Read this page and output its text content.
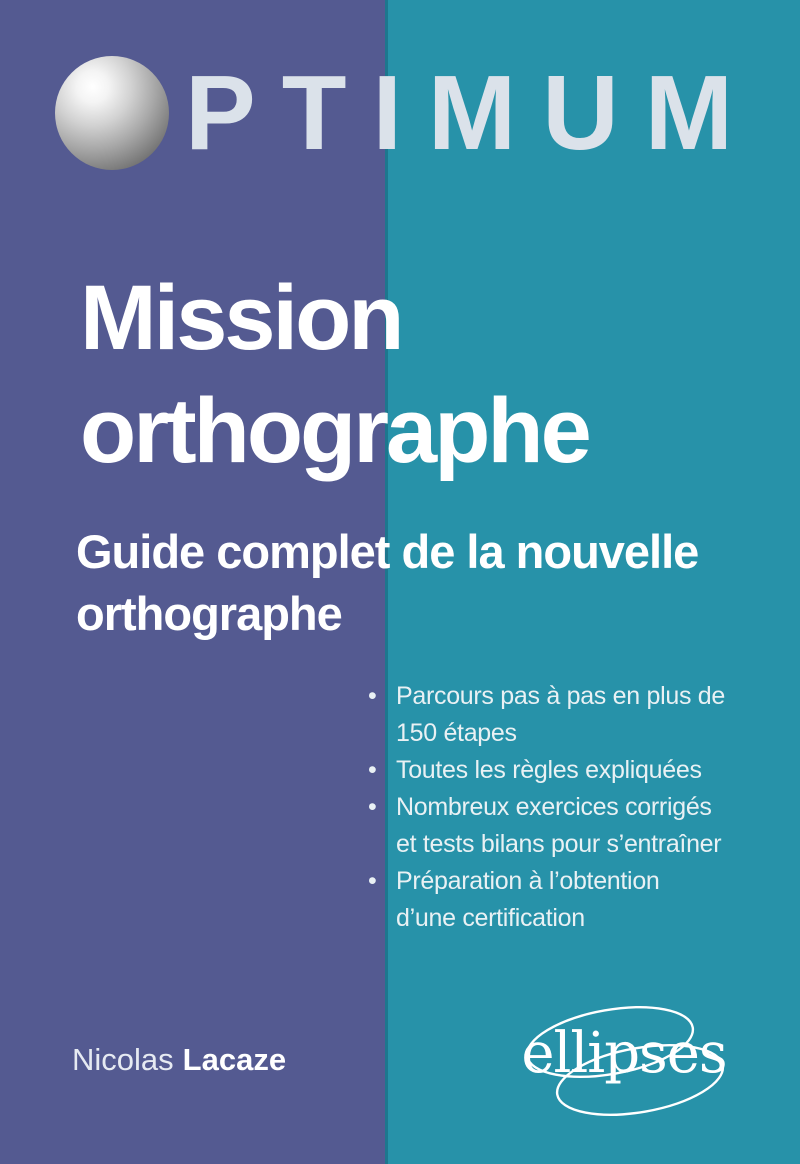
PTIMUM
Mission
orthographe
Guide complet de la nouvelle
orthographe
• Parcours pas à pas en plus de
150 étapes
• Toutes les règles expliquées
• Nombreux exercices corrigés
et tests bilans pour s’entraîner
• Préparation à l’obtention
d’une certification
Nicolas Lacaze	ellipses
